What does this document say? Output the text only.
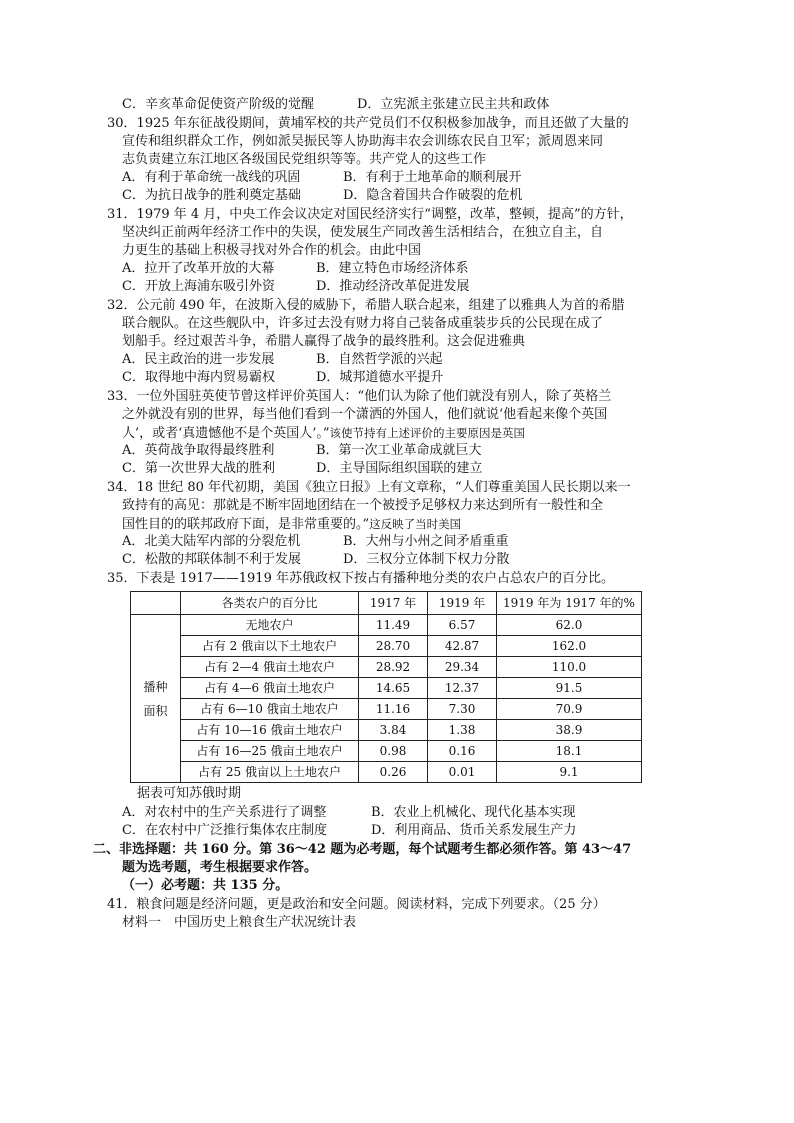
C．辛亥革命促使资产阶级的觉醒	D．立宪派主张建立民主共和政体
30．1925 年东征战役期间，黄埔军校的共产党员们不仅积极参加战争，而且还做了大量的
宣传和组织群众工作，例如派吴振民等人协助海丰农会训练农民自卫军；派周恩来同
志负责建立东江地区各级国民党组织等等。共产党人的这些工作
A．有利于革命统一战线的巩固	B．有利于土地革命的顺利展开
C．为抗日战争的胜利奠定基础	D．隐含着国共合作破裂的危机
31．1979 年 4 月，中央工作会议决定对国民经济实行“调整，改革，整顿，提高”的方针，
坚决纠正前两年经济工作中的失误，使发展生产同改善生活相结合，在独立自主，自
力更生的基础上积极寻找对外合作的机会。由此中国
A．拉开了改革开放的大幕	B．建立特色市场经济体系
C．开放上海浦东吸引外资	D．推动经济改革促进发展
32．公元前 490 年，在波斯入侵的威胁下，希腊人联合起来，组建了以雅典人为首的希腊
联合舰队。在这些舰队中，许多过去没有财力将自己装备成重装步兵的公民现在成了
划船手。经过艰苦斗争，希腊人赢得了战争的最终胜利。这会促进雅典
A．民主政治的进一步发展	B．自然哲学派的兴起
C．取得地中海内贸易霸权	D．城邦道德水平提升
33．一位外国驻英使节曾这样评价英国人：“他们认为除了他们就没有别人，除了英格兰
之外就没有别的世界，每当他们看到一个潇洒的外国人，他们就说‘他看起来像个英国
人’，或者‘真遗憾他不是个英国人’。”该使节持有上述评价的主要原因是英国
A．英荷战争取得最终胜利	B．第一次工业革命成就巨大
C．第一次世界大战的胜利	D．主导国际组织国联的建立
34．18 世纪 80 年代初期，美国《独立日报》上有文章称，“人们尊重美国人民长期以来一
致持有的高见：那就是不断牢固地团结在一个被授予足够权力来达到所有一般性和全
国性目的的联邦政府下面，是非常重要的。”这反映了当时美国
A．北美大陆军内部的分裂危机	B．大州与小州之间矛盾重重
C．松散的邦联体制不利于发展	D．三权分立体制下权力分散
35．下表是 1917——1919 年苏俄政权下按占有播种地分类的农户占总农户的百分比。
	各类农户的百分比	1917 年	1919 年	1919 年为 1917 年的%

播种
面积	无地农户	11.49	6.57	62.0
	占有 2 俄亩以下土地农户	28.70	42.87	162.0
	占有 2—4 俄亩土地农户	28.92	29.34	110.0
	占有 4—6 俄亩土地农户	14.65	12.37	91.5
	占有 6—10 俄亩土地农户	11.16	7.30	70.9
	占有 10—16 俄亩土地农户	3.84	1.38	38.9
	占有 16—25 俄亩土地农户	0.98	0.16	18.1
	占有 25 俄亩以上土地农户	0.26	0.01	9.1
据表可知苏俄时期
A．对农村中的生产关系进行了调整	B．农业上机械化、现代化基本实现
C．在农村中广泛推行集体农庄制度	D．利用商品、货币关系发展生产力
二、非选择题：共 160 分。第 36～42 题为必考题，每个试题考生都必须作答。第 43～47
题为选考题，考生根据要求作答。
（一）必考题：共 135 分。
41．粮食问题是经济问题，更是政治和安全问题。阅读材料，完成下列要求。（25 分）
材料一　中国历史上粮食生产状况统计表
